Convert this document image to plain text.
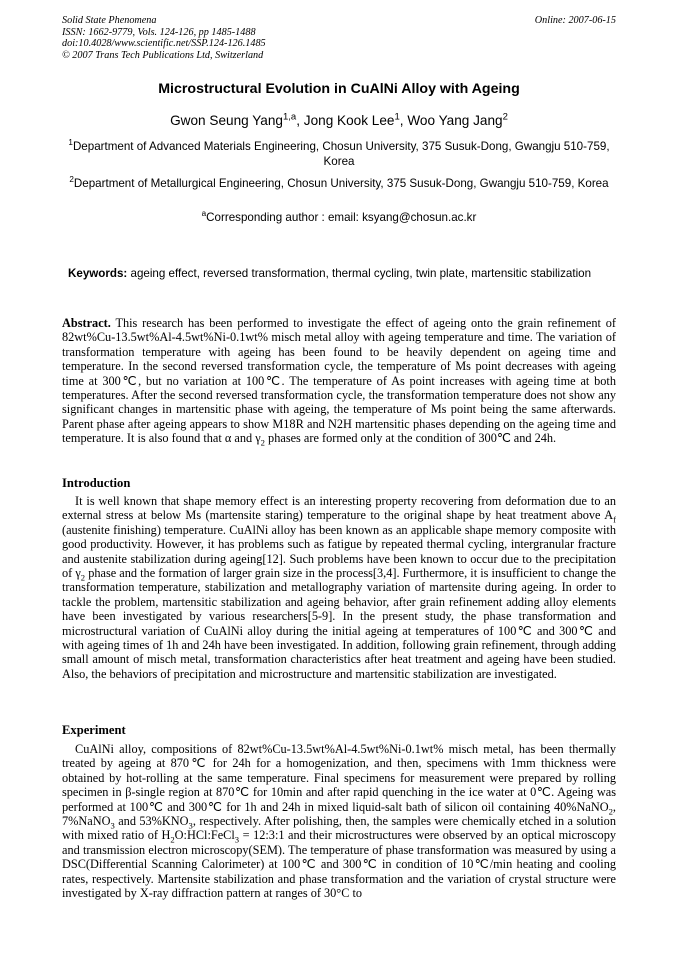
Solid State Phenomena
ISSN: 1662-9779, Vols. 124-126, pp 1485-1488
doi:10.4028/www.scientific.net/SSP.124-126.1485
© 2007 Trans Tech Publications Ltd, Switzerland
Online: 2007-06-15
Microstructural Evolution in CuAlNi Alloy with Ageing
Gwon Seung Yang$^{1,a}$, Jong Kook Lee$^1$, Woo Yang Jang$^2$
$^1$Department of Advanced Materials Engineering, Chosun University, 375 Susuk-Dong, Gwangju 510-759, Korea
$^2$Department of Metallurgical Engineering, Chosun University, 375 Susuk-Dong, Gwangju 510-759, Korea
$^a$Corresponding author : email: ksyang@chosun.ac.kr
Keywords: ageing effect, reversed transformation, thermal cycling, twin plate, martensitic stabilization
Abstract. This research has been performed to investigate the effect of ageing onto the grain refinement of 82wt%Cu-13.5wt%Al-4.5wt%Ni-0.1wt% misch metal alloy with ageing temperature and time. The variation of transformation temperature with ageing has been found to be heavily dependent on ageing time and temperature. In the second reversed transformation cycle, the temperature of Ms point decreases with ageing time at 300℃, but no variation at 100℃. The temperature of As point increases with ageing time at both temperatures. After the second reversed transformation cycle, the transformation temperature does not show any significant changes in martensitic phase with ageing, the temperature of Ms point being the same afterwards. Parent phase after ageing appears to show M18R and N2H martensitic phases depending on the ageing time and temperature. It is also found that α and $\gamma_2$ phases are formed only at the condition of 300℃ and 24h.
Introduction
It is well known that shape memory effect is an interesting property recovering from deformation due to an external stress at below Ms (martensite staring) temperature to the original shape by heat treatment above $A_f$ (austenite finishing) temperature. CuAlNi alloy has been known as an applicable shape memory composite with good productivity. However, it has problems such as fatigue by repeated thermal cycling, intergranular fracture and austenite stabilization during ageing[12]. Such problems have been known to occur due to the precipitation of $\gamma_2$ phase and the formation of larger grain size in the process[3,4]. Furthermore, it is insufficient to change the transformation temperature, stabilization and metallography variation of martensite during ageing. In order to tackle the problem, martensitic stabilization and ageing behavior, after grain refinement adding alloy elements have been investigated by various researchers[5-9]. In the present study, the phase transformation and microstructural variation of CuAlNi alloy during the initial ageing at temperatures of 100℃ and 300℃ and with ageing times of 1h and 24h have been investigated. In addition, following grain refinement, through adding small amount of misch metal, transformation characteristics after heat treatment and ageing have been studied. Also, the behaviors of precipitation and microstructure and martensitic stabilization are investigated.
Experiment
CuAlNi alloy, compositions of 82wt%Cu-13.5wt%Al-4.5wt%Ni-0.1wt% misch metal, has been thermally treated by ageing at 870℃ for 24h for a homogenization, and then, specimens with 1mm thickness were obtained by hot-rolling at the same temperature. Final specimens for measurement were prepared by rolling specimen in β-single region at 870℃ for 10min and after rapid quenching in the ice water at 0℃. Ageing was performed at 100℃ and 300℃ for 1h and 24h in mixed liquid-salt bath of silicon oil containing 40%NaNO$_2$, 7%NaNO$_3$ and $53\%KNO_3$, respectively. After polishing, then, the samples were chemically etched in a solution with mixed ratio of $H_2O:HCl:FeCl_3$ = 12:3:1 and their microstructures were observed by an optical microscopy and transmission electron microscopy(SEM). The temperature of phase transformation was measured by using a DSC(Differential Scanning Calorimeter) at 100℃ and 300℃ in condition of 10℃/min heating and cooling rates, respectively. Martensite stabilization and phase transformation and the variation of crystal structure were investigated by X-ray diffraction pattern at ranges of 30°C to
